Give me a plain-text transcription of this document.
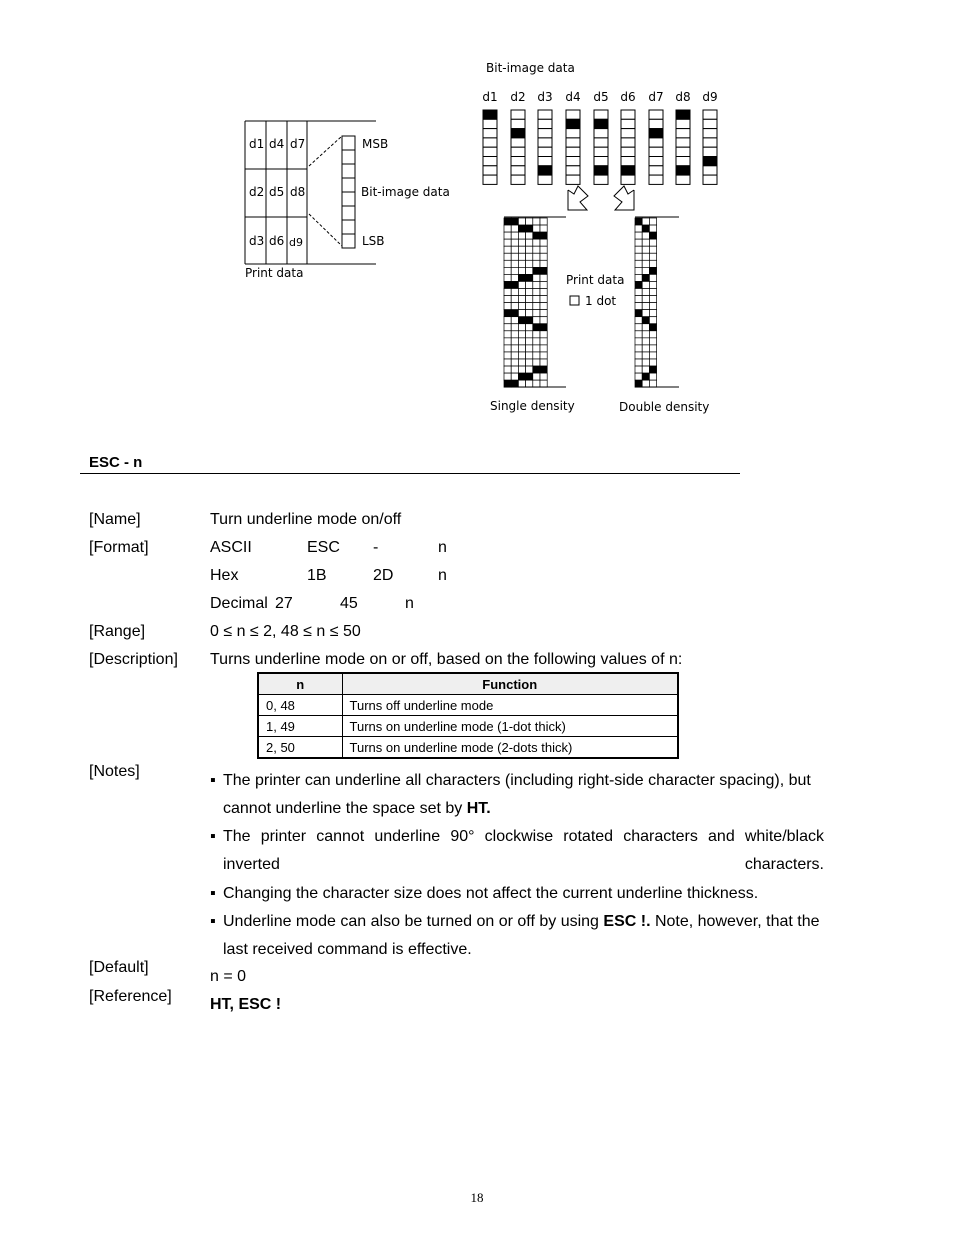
d1 d4 d7
d2 d5 d8
d3 d6 d9
Print data
MSB
Bit-image data
LSB
Bit-image data
d1 d2 d3 d4 d5 d6 d7 d8 d9
Print data
1 dot
Single density	Double density
ESC - n
[Name]	Turn underline mode on/off
[Format]	ASCII	ESC -	n
Hex	1B	2D	n
Decimal 27	45	n
[Range]	0 ≤ n ≤ 2, 48 ≤ n ≤ 50
[Description] Turns underline mode on or off, based on the following values of n:
n	Function
0, 48	Turns off underline mode
1, 49	Turns on underline mode (1-dot thick)
2, 50	Turns on underline mode (2-dots thick)
[Notes]
▪ The printer can underline all characters (including right-side character spacing), but cannot underline the space set by HT.
▪ The printer cannot underline 90° clockwise rotated characters and white/black inverted characters.
▪ Changing the character size does not affect the current underline thickness.
▪ Underline mode can also be turned on or off by using ESC !. Note, however, that the last received command is effective.
[Default]
n = 0
[Reference] HT, ESC !
18
